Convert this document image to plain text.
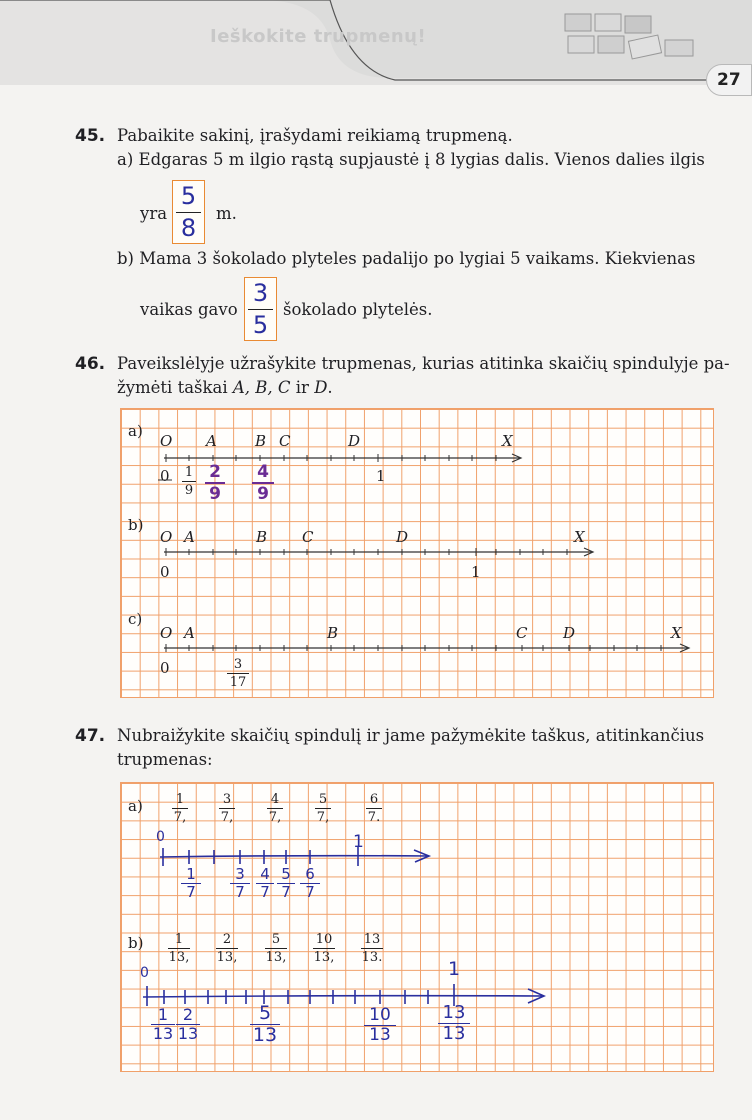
Ieškokite trupmenų!
27
45. Pabaikite sakinį, įrašydami reikiamą trupmeną.
a) Edgaras 5 m ilgio rąstą supjaustė į 8 lygias dalis. Vienos dalies ilgis
yra
5
8
m.
b) Mama 3 šokolado plyteles padalijo po lygiai 5 vaikams. Kiekvienas
vaikas gavo
3
5
šokolado plytelės.
46. Paveikslėlyje užrašykite trupmenas, kurias atitinka skaičių spindulyje pa-
žymėti taškai A, B, C ir D.
a)
O A	B C	D	X
0	1
1
9
2
9
4
9
b)
O A	B C	D	X
0	1
c)
O A	B	C D	X
0	3
17
47. Nubraižykite skaičių spindulį ir jame pažymėkite taškus, atitinkančius
trupmenas:
a)	1
7,
3
7,
4
7,
5
7,
6
7.
0	1
1
7
3
7
4
7
5
7
6
7
b)	1
13,
2
13,
5
13,
10
13,
13
13.
0	1
1
13
2
13
5
13
10
13
13
13
